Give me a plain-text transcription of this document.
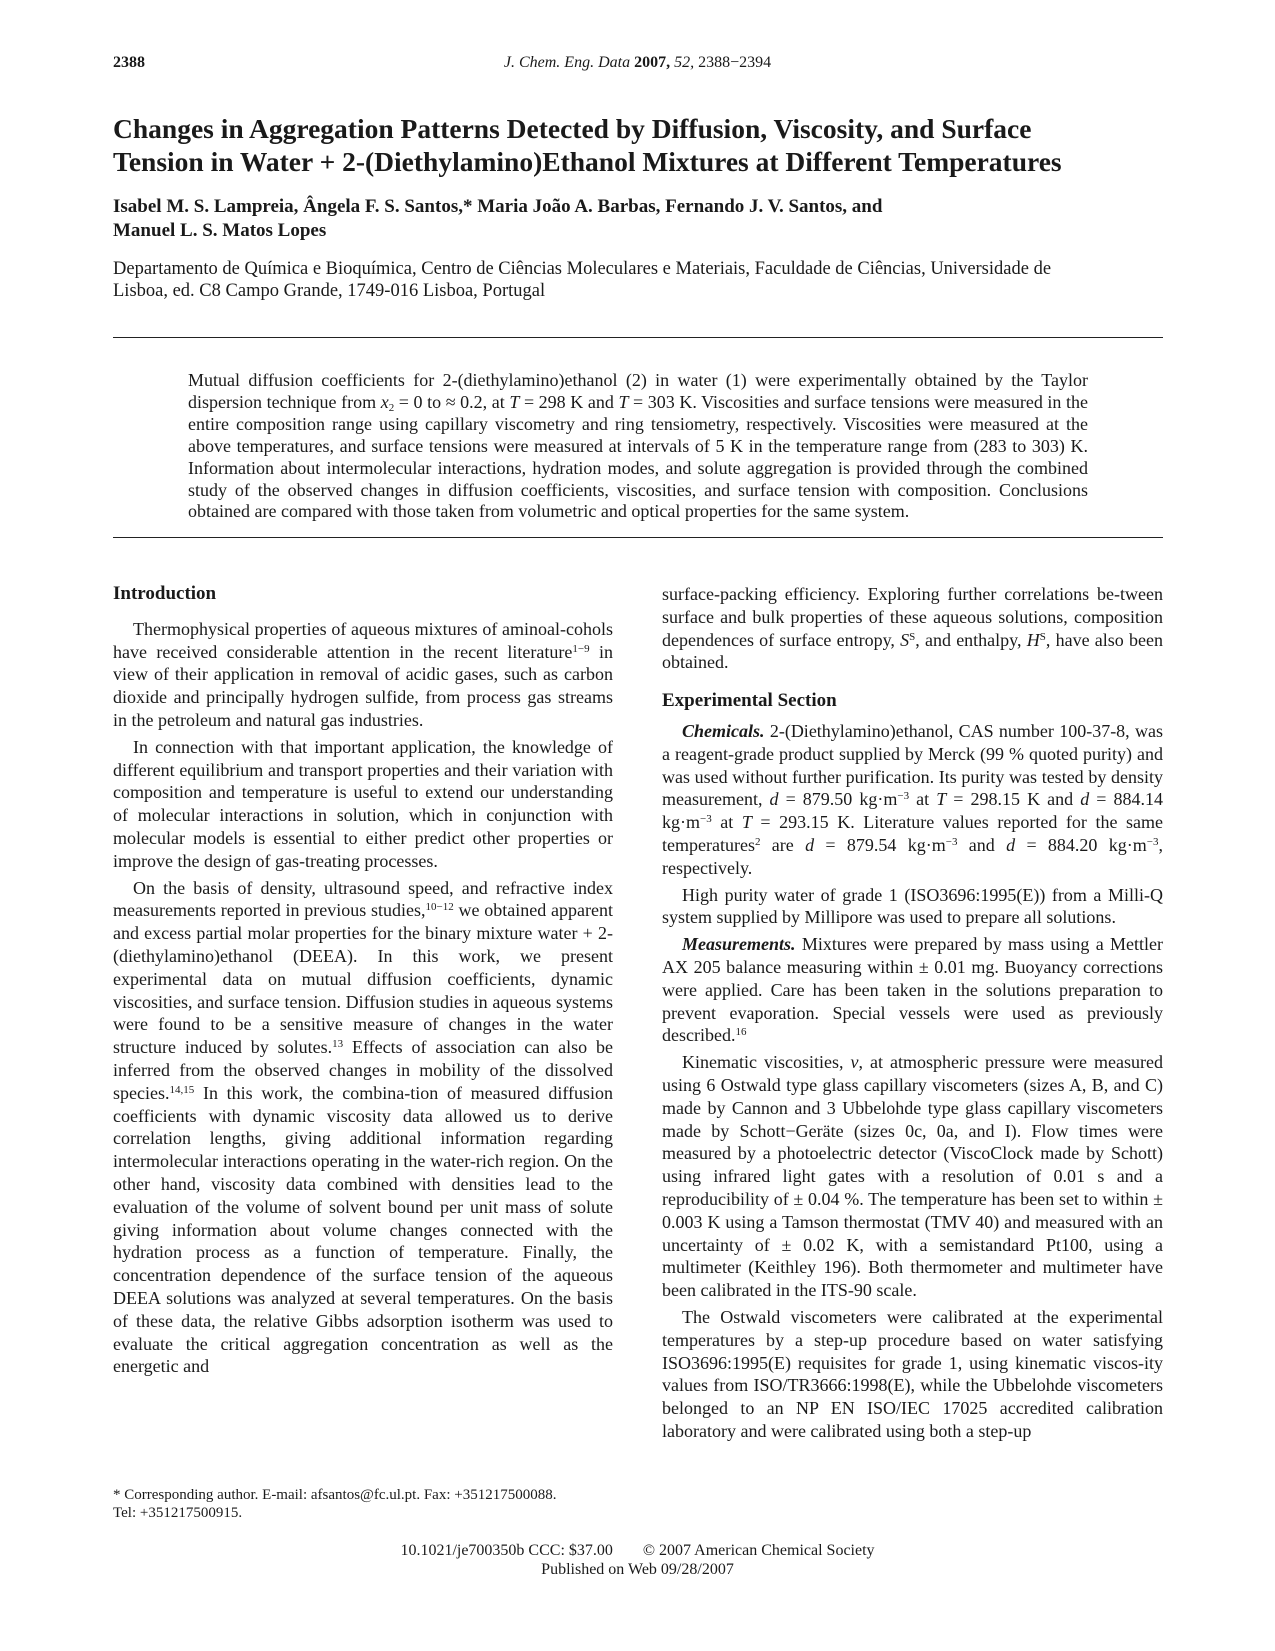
2388	J. Chem. Eng. Data 2007, 52, 2388−2394
Changes in Aggregation Patterns Detected by Diffusion, Viscosity, and Surface
Tension in Water + 2-(Diethylamino)Ethanol Mixtures at Different Temperatures
Isabel M. S. Lampreia, Ângela F. S. Santos,* Maria João A. Barbas, Fernando J. V. Santos, and
Manuel L. S. Matos Lopes
Departamento de Química e Bioquímica, Centro de Ciências Moleculares e Materiais, Faculdade de Ciências, Universidade de
Lisboa, ed. C8 Campo Grande, 1749-016 Lisboa, Portugal
Mutual diffusion coefficients for 2-(diethylamino)ethanol (2) in water (1) were experimentally obtained by the Taylor dispersion technique from $x_2 = 0$ to ≈ 0.2, at T = 298 K and T = 303 K. Viscosities and surface tensions were measured in the entire composition range using capillary viscometry and ring tensiometry, respectively. Viscosities were measured at the above temperatures, and surface tensions were measured at intervals of 5 K in the temperature range from (283 to 303) K. Information about intermolecular interactions, hydration modes, and solute aggregation is provided through the combined study of the observed changes in diffusion coefficients, viscosities, and surface tension with composition. Conclusions obtained are compared with those taken from volumetric and optical properties for the same system.
Introduction

Thermophysical properties of aqueous mixtures of aminoal-cohols have received considerable attention in the recent literature$^{1-9}$ in view of their application in removal of acidic gases, such as carbon dioxide and principally hydrogen sulfide, from process gas streams in the petroleum and natural gas industries.

In connection with that important application, the knowledge of different equilibrium and transport properties and their variation with composition and temperature is useful to extend our understanding of molecular interactions in solution, which in conjunction with molecular models is essential to either predict other properties or improve the design of gas-treating processes.

On the basis of density, ultrasound speed, and refractive index measurements reported in previous studies,$^{10-12}$ we obtained apparent and excess partial molar properties for the binary mixture water + 2-(diethylamino)ethanol (DEEA). In this work, we present experimental data on mutual diffusion coefficients, dynamic viscosities, and surface tension. Diffusion studies in aqueous systems were found to be a sensitive measure of changes in the water structure induced by solutes.$^{13}$ Effects of association can also be inferred from the observed changes in mobility of the dissolved species.$^{14,15}$ In this work, the combina-tion of measured diffusion coefficients with dynamic viscosity data allowed us to derive correlation lengths, giving additional information regarding intermolecular interactions operating in the water-rich region. On the other hand, viscosity data combined with densities lead to the evaluation of the volume of solvent bound per unit mass of solute giving information about volume changes connected with the hydration process as a function of temperature. Finally, the concentration dependence of the surface tension of the aqueous DEEA solutions was analyzed at several temperatures. On the basis of these data, the relative Gibbs adsorption isotherm was used to evaluate the critical aggregation concentration as well as the energetic and

* Corresponding author. E-mail: afsantos@fc.ul.pt. Fax: +351217500088.
Tel: +351217500915.

surface-packing efficiency. Exploring further correlations be-tween surface and bulk properties of these aqueous solutions, composition dependences of surface entropy, $S^S$, and enthalpy, $H^S$, have also been obtained.

Experimental Section

Chemicals. 2-(Diethylamino)ethanol, CAS number 100-37-8, was a reagent-grade product supplied by Merck (99 % quoted purity) and was used without further purification. Its purity was tested by density measurement, d = 879.50 $kg\cdot m^{-3}$ at T = 298.15 K and d = 884.14 $kg\cdot m^{-3}$ at T = 293.15 K. Literature values reported for the same temperatures$^2$ are d = 879.54 $kg\cdot m^{-3}$ and d = 884.20 $kg\cdot m^{-3}$, respectively.

High purity water of grade 1 (ISO3696:1995(E)) from a Milli-Q system supplied by Millipore was used to prepare all solutions.

Measurements. Mixtures were prepared by mass using a Mettler AX 205 balance measuring within ± 0.01 mg. Buoyancy corrections were applied. Care has been taken in the solutions preparation to prevent evaporation. Special vessels were used as previously described.$^{16}$

Kinematic viscosities, ν, at atmospheric pressure were measured using 6 Ostwald type glass capillary viscometers (sizes A, B, and C) made by Cannon and 3 Ubbelohde type glass capillary viscometers made by Schott−Geräte (sizes 0c, 0a, and I). Flow times were measured by a photoelectric detector (ViscoClock made by Schott) using infrared light gates with a resolution of 0.01 s and a reproducibility of ± 0.04 %. The temperature has been set to within ± 0.003 K using a Tamson thermostat (TMV 40) and measured with an uncertainty of ± 0.02 K, with a semistandard Pt100, using a multimeter (Keithley 196). Both thermometer and multimeter have been calibrated in the ITS-90 scale.

The Ostwald viscometers were calibrated at the experimental temperatures by a step-up procedure based on water satisfying ISO3696:1995(E) requisites for grade 1, using kinematic viscos-ity values from ISO/TR3666:1998(E), while the Ubbelohde viscometers belonged to an NP EN ISO/IEC 17025 accredited calibration laboratory and were calibrated using both a step-up

10.1021/je700350b CCC: $37.00 © 2007 American Chemical Society
Published on Web 09/28/2007
